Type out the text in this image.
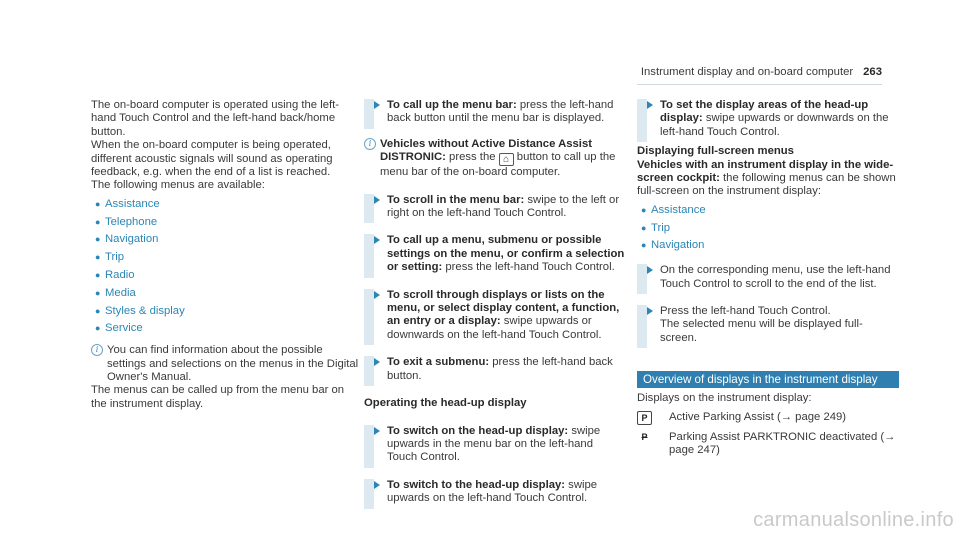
Instrument display and on-board computer 263

The on-board computer is operated using the left-hand Touch Control and the left-hand back/home button.

When the on-board computer is being operated, different acoustic signals will sound as operating feedback, e.g. when the end of a list is reached.

The following menus are available:

● Assistance
● Telephone
● Navigation
● Trip
● Radio
● Media
● Styles & display
● Service
i You can find information about the possible settings and selections on the menus in the Digital Owner's Manual.

The menus can be called up from the menu bar on the instrument display.

To call up the menu bar: press the left-hand back button until the menu bar is displayed.
i Vehicles without Active Distance Assist DISTRONIC: press the ⌂ button to call up the menu bar of the on-board computer.
To scroll in the menu bar: swipe to the left or right on the left-hand Touch Control.
To call up a menu, submenu or possible settings on the menu, or confirm a selection or setting: press the left-hand Touch Control.
To scroll through displays or lists on the menu, or select display content, a function, an entry or a display: swipe upwards or downwards on the left-hand Touch Control.
To exit a submenu: press the left-hand back button.

Operating the head-up display

To switch on the head-up display: swipe upwards in the menu bar on the left-hand Touch Control.
To switch to the head-up display: swipe upwards on the left-hand Touch Control.
To set the display areas of the head-up display: swipe upwards or downwards on the left-hand Touch Control.

Displaying full-screen menus

Vehicles with an instrument display in the wide-screen cockpit: the following menus can be shown full-screen on the instrument display:

● Assistance
● Trip
● Navigation
On the corresponding menu, use the left-hand Touch Control to scroll to the end of the list.
Press the left-hand Touch Control.
The selected menu will be displayed full-screen.
Overview of displays in the instrument display

Displays on the instrument display:

P	Active Parking Assist (→ page 249)
P	Parking Assist PARKTRONIC deactivated (→ page 247)
carmanualsonline.info
